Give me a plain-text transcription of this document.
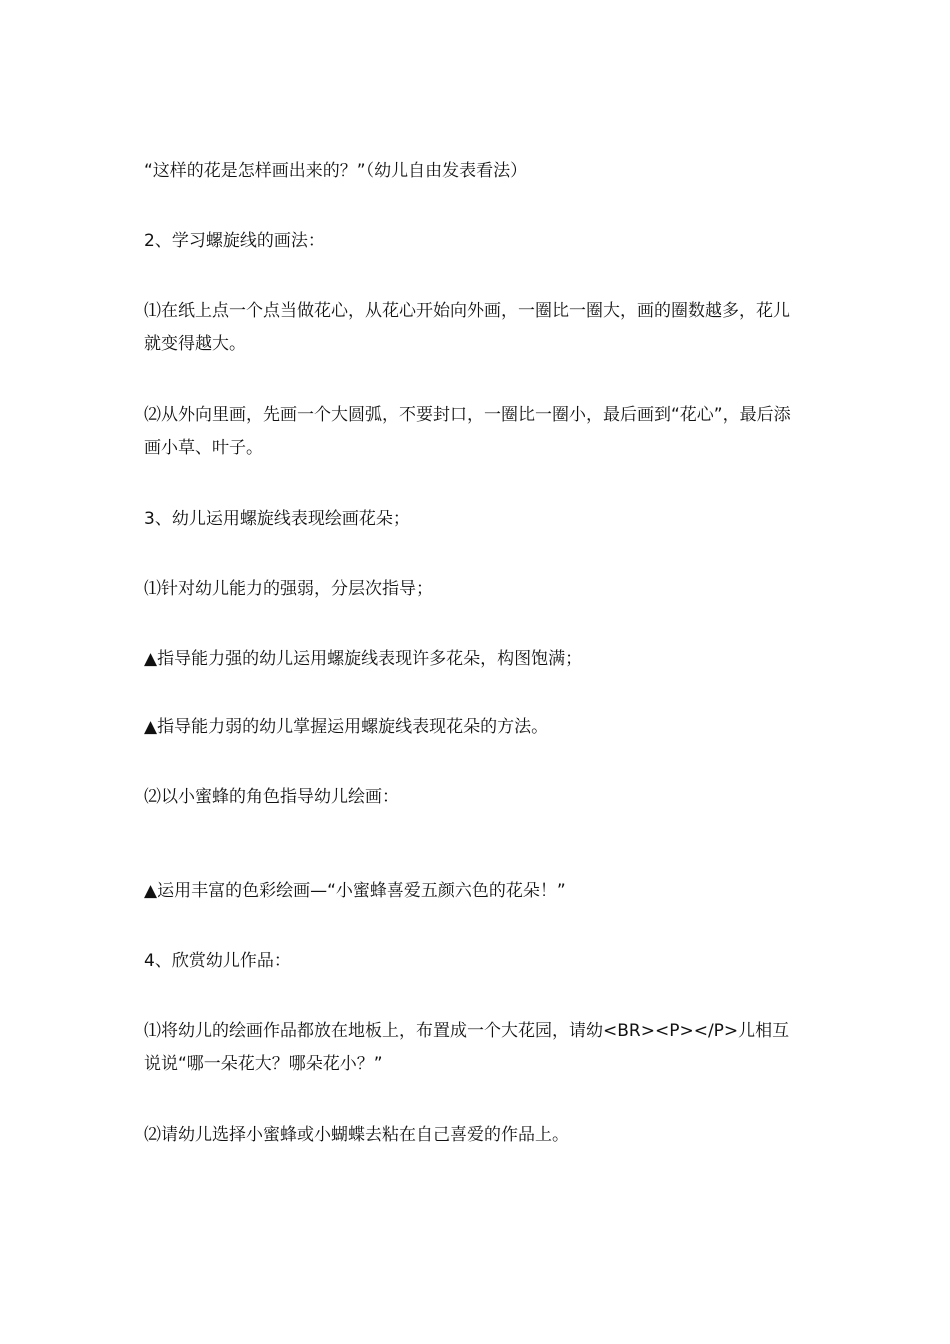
“这样的花是怎样画出来的？”（幼儿自由发表看法）

2、学习螺旋线的画法：

⑴在纸上点一个点当做花心，从花心开始向外画，一圈比一圈大，画的圈数越多，花儿就变得越大。

⑵从外向里画，先画一个大圆弧，不要封口，一圈比一圈小，最后画到“花心”，最后添画小草、叶子。

3、幼儿运用螺旋线表现绘画花朵；

⑴针对幼儿能力的强弱，分层次指导；

▲指导能力强的幼儿运用螺旋线表现许多花朵，构图饱满；

▲指导能力弱的幼儿掌握运用螺旋线表现花朵的方法。

⑵以小蜜蜂的角色指导幼儿绘画：

▲运用丰富的色彩绘画—“小蜜蜂喜爱五颜六色的花朵！”

4、欣赏幼儿作品：

⑴将幼儿的绘画作品都放在地板上，布置成一个大花园，请幼<BR><P></P>儿相互说说“哪一朵花大？哪朵花小？”

⑵请幼儿选择小蜜蜂或小蝴蝶去粘在自己喜爱的作品上。
